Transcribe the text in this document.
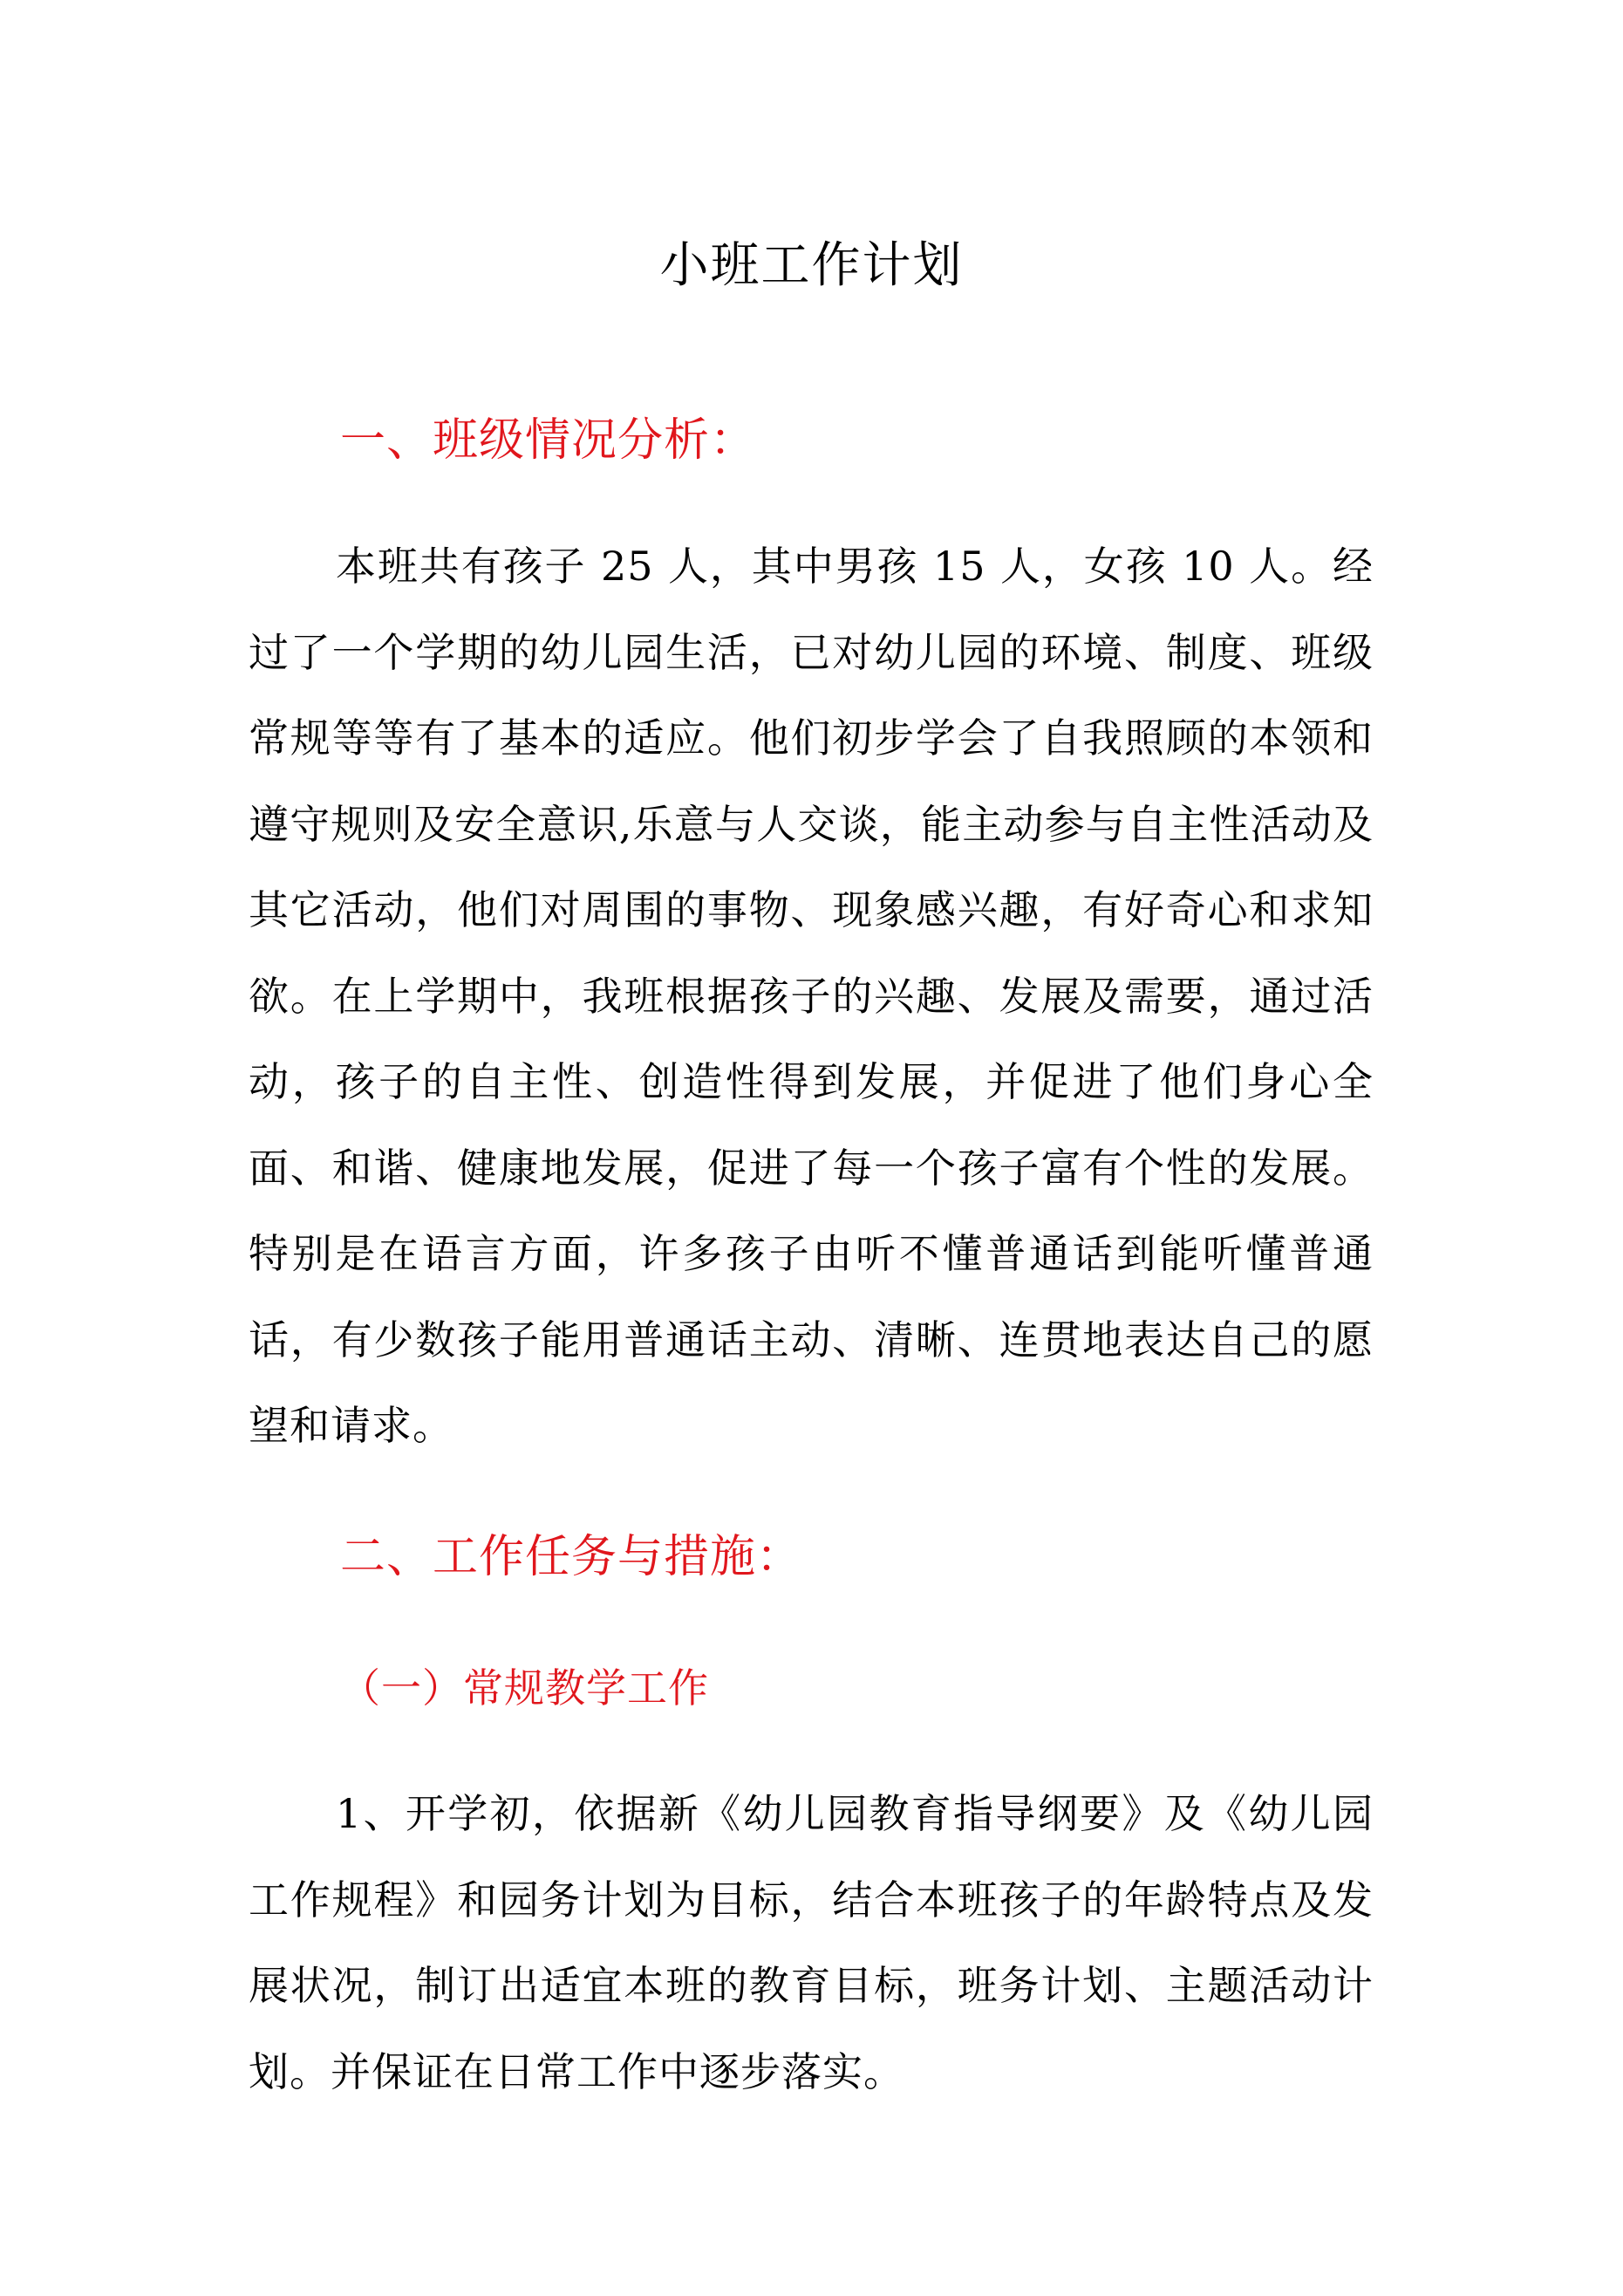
小班工作计划
一、班级情况分析：

本班共有孩子 25 人，其中男孩 15 人，女孩 10 人。经过了一个学期的幼儿园生活，已对幼儿园的环境、制度、班级常规等等有了基本的适应。他们初步学会了自我照顾的本领和遵守规则及安全意识,乐意与人交谈，能主动参与自主性活动及其它活动，他们对周围的事物、现象感兴趣，有好奇心和求知欲。在上学期中，我班根据孩子的兴趣、发展及需要，通过活动，孩子的自主性、创造性得到发展，并促进了他们身心全面、和谐、健康地发展，促进了每一个孩子富有个性的发展。特别是在语言方面，许多孩子由听不懂普通话到能听懂普通话，有少数孩子能用普通话主动、清晰、连贯地表达自己的愿望和请求。

二、工作任务与措施：
（一）常规教学工作

1、开学初，依据新《幼儿园教育指导纲要》及《幼儿园工作规程》和园务计划为目标，结合本班孩子的年龄特点及发展状况，制订出适宜本班的教育目标，班务计划、主题活动计划。并保证在日常工作中逐步落实。
